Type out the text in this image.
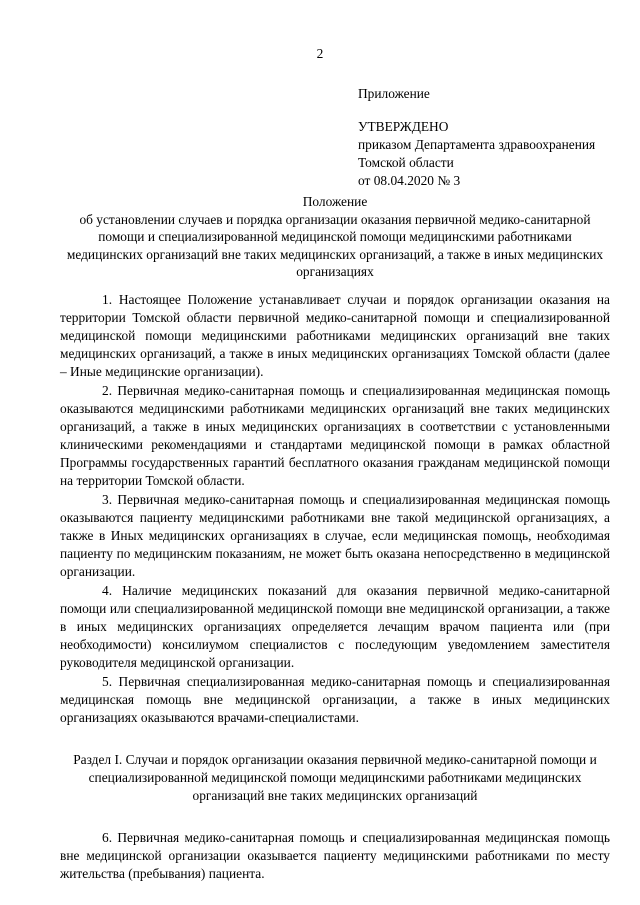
2
Приложение
УТВЕРЖДЕНО
приказом Департамента здравоохранения
Томской области
от 08.04.2020 № 3
Положение
об установлении случаев и порядка организации оказания первичной медико-санитарной помощи и специализированной медицинской помощи медицинскими работниками медицинских организаций вне таких медицинских организаций, а также в иных медицинских организациях

1. Настоящее Положение устанавливает случаи и порядок организации оказания на территории Томской области первичной медико-санитарной помощи и специализированной медицинской помощи медицинскими работниками медицинских организаций вне таких медицинских организаций, а также в иных медицинских организациях Томской области (далее – Иные медицинские организации).

2. Первичная медико-санитарная помощь и специализированная медицинская помощь оказываются медицинскими работниками медицинских организаций вне таких медицинских организаций, а также в иных медицинских организациях в соответствии с установленными клиническими рекомендациями и стандартами медицинской помощи в рамках областной Программы государственных гарантий бесплатного оказания гражданам медицинской помощи на территории Томской области.

3. Первичная медико-санитарная помощь и специализированная медицинская помощь оказываются пациенту медицинскими работниками вне такой медицинской организациях, а также в Иных медицинских организациях в случае, если медицинская помощь, необходимая пациенту по медицинским показаниям, не может быть оказана непосредственно в медицинской организации.

4. Наличие медицинских показаний для оказания первичной медико-санитарной помощи или специализированной медицинской помощи вне медицинской организации, а также в иных медицинских организациях определяется лечащим врачом пациента или (при необходимости) консилиумом специалистов с последующим уведомлением заместителя руководителя медицинской организации.

5. Первичная специализированная медико-санитарная помощь и специализированная медицинская помощь вне медицинской организации, а также в иных медицинских организациях оказываются врачами-специалистами.

Раздел I. Случаи и порядок организации оказания первичной медико-санитарной помощи и специализированной медицинской помощи медицинскими работниками медицинских организаций вне таких медицинских организаций

6. Первичная медико-санитарная помощь и специализированная медицинская помощь вне медицинской организации оказывается пациенту медицинскими работниками по месту жительства (пребывания) пациента.
